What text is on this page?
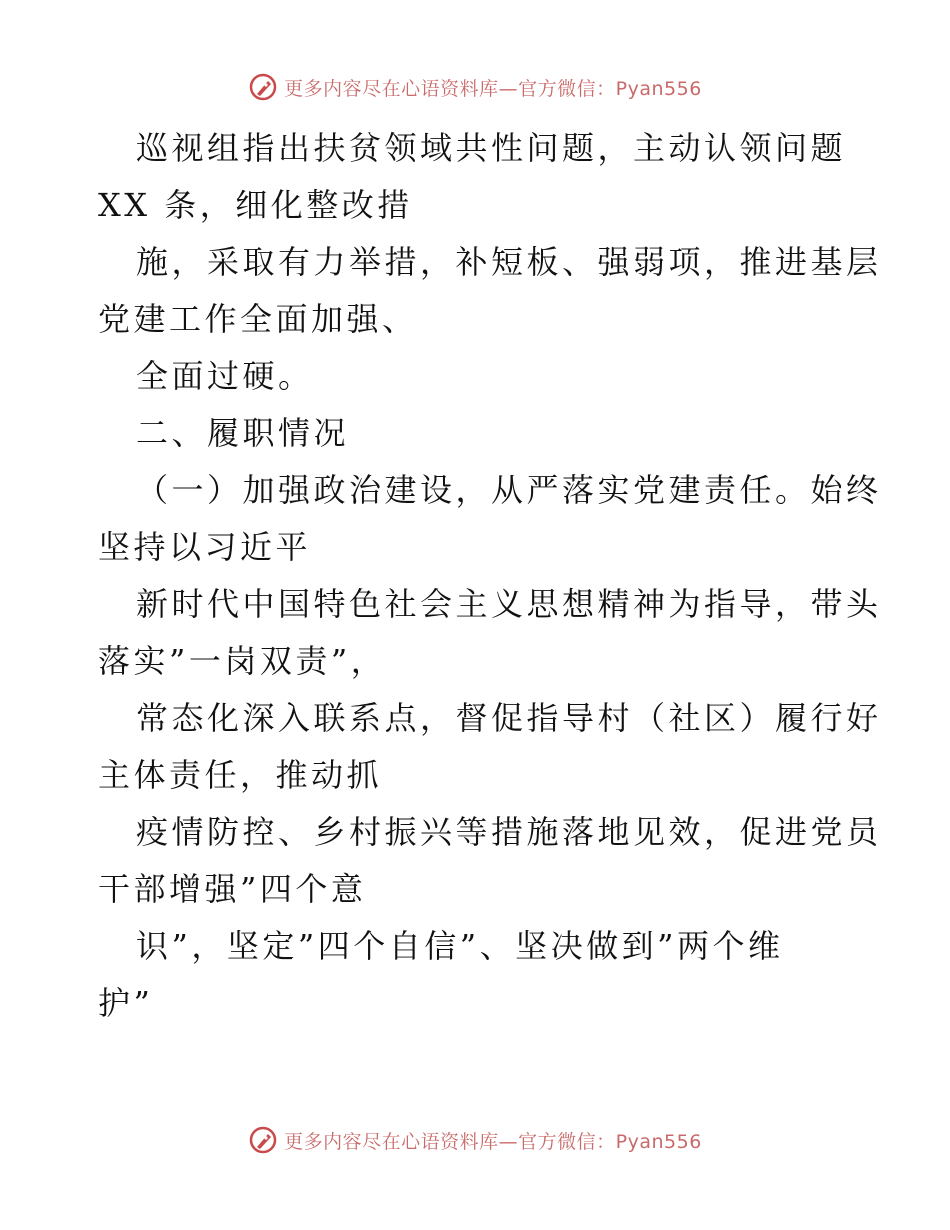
更多内容尽在心语资料库—官方微信：Pyan556
巡视组指出扶贫领域共性问题，主动认领问题
XX 条，细化整改措
施，采取有力举措，补短板、强弱项，推进基层
党建工作全面加强、
全面过硬。
二、履职情况
（一）加强政治建设，从严落实党建责任。始终
坚持以习近平
新时代中国特色社会主义思想精神为指导，带头
落实”一岗双责”，
常态化深入联系点，督促指导村（社区）履行好
主体责任，推动抓
疫情防控、乡村振兴等措施落地见效，促进党员
干部增强”四个意
识”，坚定”四个自信”、坚决做到”两个维
护”
更多内容尽在心语资料库—官方微信：Pyan556
